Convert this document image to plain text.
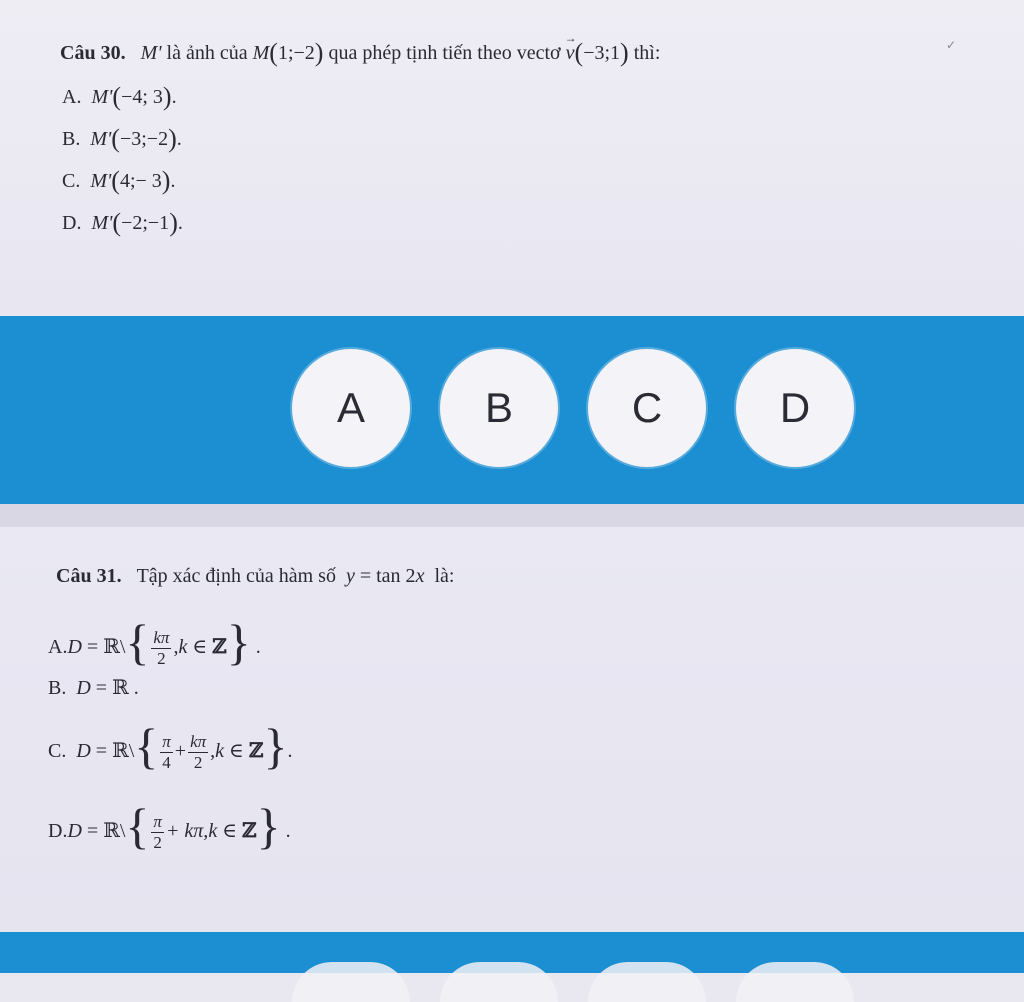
Câu 30. M' là ảnh của M(1;−2) qua phép tịnh tiến theo vectơ v →(−3;1) thì:	✓
A. M'(−4; 3).
B. M'(−3;−2).
C. M'(4;− 3).
D. M'(−2;−1).
A	B	C	D
Câu 31. Tập xác định của hàm số y = tan 2x là:
A.D = ℝ\{ $\frac{k\pi}{2} ,k$ ∈ ℤ} .
B. D = ℝ .
C. D = ℝ\{ $\frac{\pi}{4} + \frac{k\pi}{2} ,k$ ∈ ℤ}.
D.D = ℝ\{ $\frac{\pi}{2} + k\pi,k$ ∈ ℤ} .
